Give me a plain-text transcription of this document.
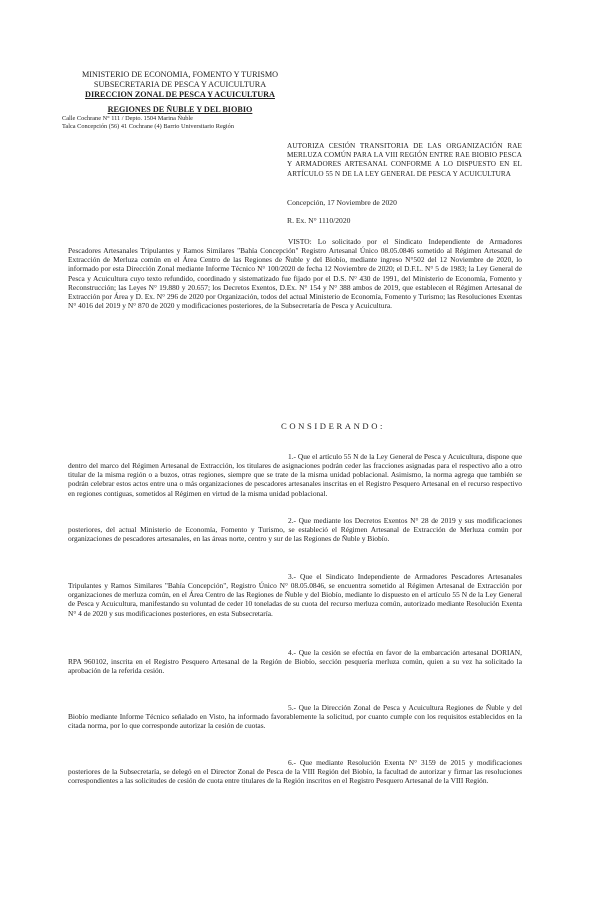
MINISTERIO DE ECONOMIA, FOMENTO Y TURISMO
SUBSECRETARIA DE PESCA Y ACUICULTURA
DIRECCION ZONAL DE PESCA Y ACUICULTURA
REGIONES DE ÑUBLE Y DEL BIOBIO
Calle Cochrane N° 111 / Depto. 1504 Marina Ñuble
Talca Concepción (56) 41 Cochrane (4) Barrio Universitario Región
AUTORIZA CESIÓN TRANSITORIA DE LAS ORGANIZACIÓN RAE MERLUZA COMÚN PARA LA VIII REGIÓN ENTRE RAE BIOBIO PESCA Y ARMADORES ARTESANAL CONFORME A LO DISPUESTO EN EL ARTÍCULO 55 N DE LA LEY GENERAL DE PESCA Y ACUICULTURA
Concepción, 17 Noviembre de 2020
R. Ex. N° 1110/2020
VISTO: Lo solicitado por el Sindicato Independiente de Armadores Pescadores Artesanales Tripulantes y Ramos Similares "Bahía Concepción" Registro Artesanal Único 08.05.0846 sometido al Régimen Artesanal de Extracción de Merluza común en el Área Centro de las Regiones de Ñuble y del Biobío, mediante ingreso N°502 del 12 Noviembre de 2020, lo informado por esta Dirección Zonal mediante Informe Técnico N° 100/2020 de fecha 12 Noviembre de 2020; el D.F.L. N° 5 de 1983; la Ley General de Pesca y Acuicultura cuyo texto refundido, coordinado y sistematizado fue fijado por el D.S. N° 430 de 1991, del Ministerio de Economía, Fomento y Reconstrucción; las Leyes N° 19.880 y 20.657; los Decretos Exentos, D.Ex. N° 154 y N° 388 ambos de 2019, que establecen el Régimen Artesanal de Extracción por Área y D. Ex. N° 296 de 2020 por Organización, todos del actual Ministerio de Economía, Fomento y Turismo; las Resoluciones Exentas N° 4016 del 2019 y N° 870 de 2020 y modificaciones posteriores, de la Subsecretaría de Pesca y Acuicultura.
CONSIDERANDO:
1.- Que el artículo 55 N de la Ley General de Pesca y Acuicultura, dispone que dentro del marco del Régimen Artesanal de Extracción, los titulares de asignaciones podrán ceder las fracciones asignadas para el respectivo año a otro titular de la misma región o a buzos, otras regiones, siempre que se trate de la misma unidad poblacional. Asimismo, la norma agrega que también se podrán celebrar estos actos entre una o más organizaciones de pescadores artesanales inscritas en el Registro Pesquero Artesanal en el recurso respectivo en regiones contiguas, sometidos al Régimen en virtud de la misma unidad poblacional.
2.- Que mediante los Decretos Exentos N° 28 de 2019 y sus modificaciones posteriores, del actual Ministerio de Economía, Fomento y Turismo, se estableció el Régimen Artesanal de Extracción de Merluza común por organizaciones de pescadores artesanales, en las áreas norte, centro y sur de las Regiones de Ñuble y Biobío.
3.- Que el Sindicato Independiente de Armadores Pescadores Artesanales Tripulantes y Ramos Similares "Bahía Concepción", Registro Único N° 08.05.0846, se encuentra sometido al Régimen Artesanal de Extracción por organizaciones de merluza común, en el Área Centro de las Regiones de Ñuble y del Biobío, mediante lo dispuesto en el artículo 55 N de la Ley General de Pesca y Acuicultura, manifestando su voluntad de ceder 10 toneladas de su cuota del recurso merluza común, autorizado mediante Resolución Exenta N° 4 de 2020 y sus modificaciones posteriores, en esta Subsecretaría.
4.- Que la cesión se efectúa en favor de la embarcación artesanal DORIAN, RPA 960102, inscrita en el Registro Pesquero Artesanal de la Región de Biobío, sección pesquería merluza común, quien a su vez ha solicitado la aprobación de la referida cesión.
5.- Que la Dirección Zonal de Pesca y Acuicultura Regiones de Ñuble y del Biobío mediante Informe Técnico señalado en Visto, ha informado favorablemente la solicitud, por cuanto cumple con los requisitos establecidos en la citada norma, por lo que corresponde autorizar la cesión de cuotas.
6.- Que mediante Resolución Exenta N° 3159 de 2015 y modificaciones posteriores de la Subsecretaría, se delegó en el Director Zonal de Pesca de la VIII Región del Biobío, la facultad de autorizar y firmar las resoluciones correspondientes a las solicitudes de cesión de cuota entre titulares de la Región inscritos en el Registro Pesquero Artesanal de la VIII Región.
